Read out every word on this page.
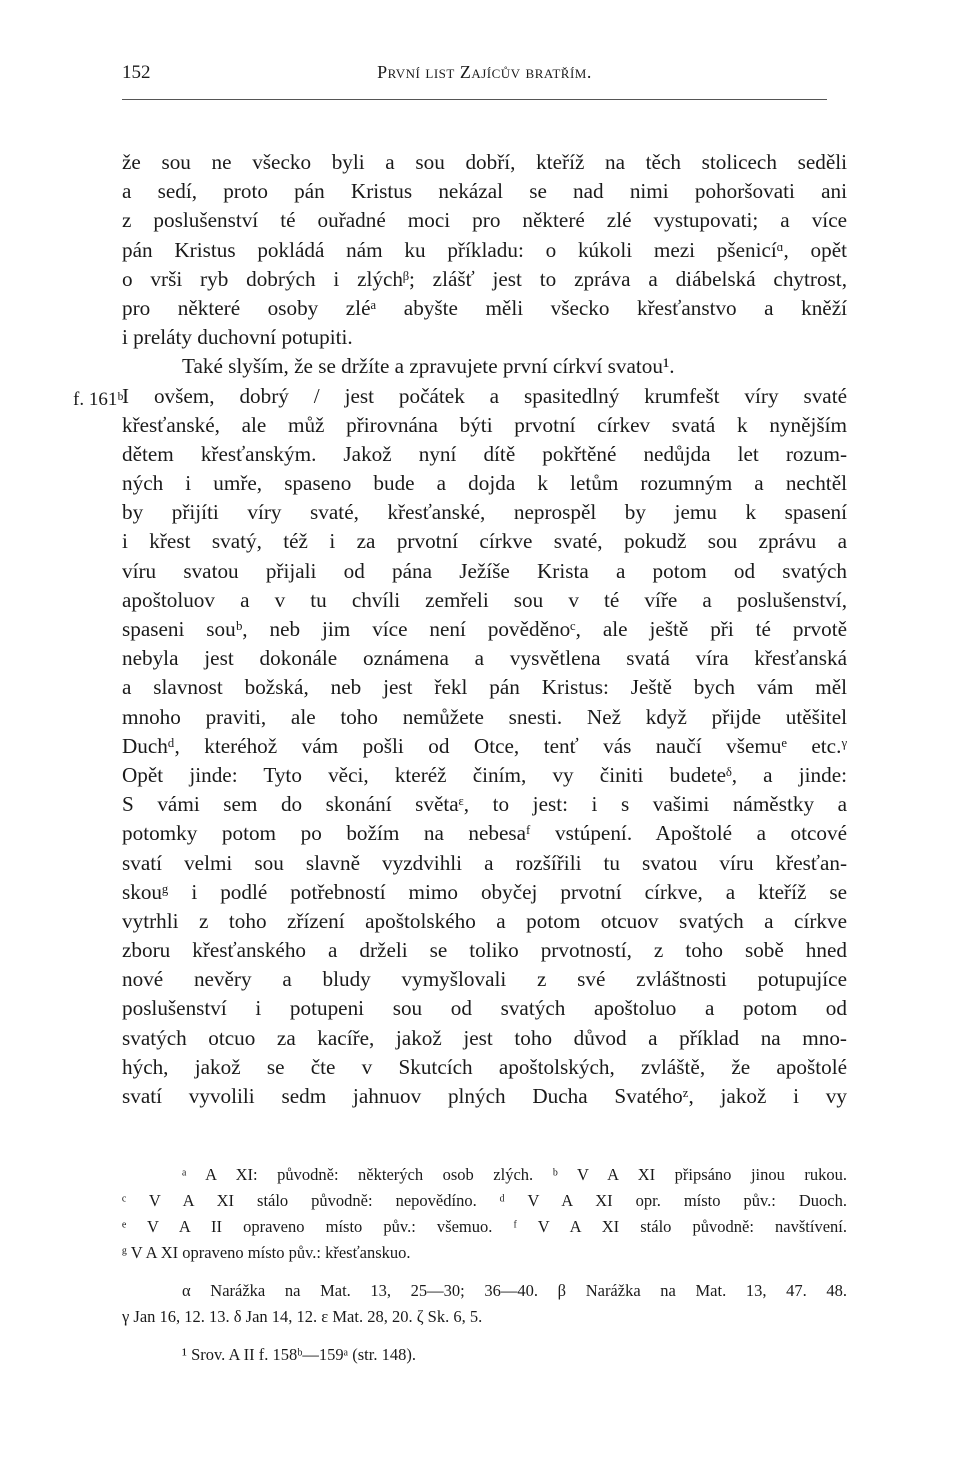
152	První list Zajícův bratřím.
f. 161ᵇ
že sou ne všecko byli a sou dobří, kteříž na těch stolicech seděli
a sedí, proto pán Kristus nekázal se nad nimi pohoršovati ani
z poslušenství té ouřadné moci pro některé zlé vystupovati; a více
pán Kristus pokládá nám ku příkladu: o kúkoli mezi pšenicíᵅ, opět
o vrši ryb dobrých i zlýchᵝ; zlášť jest to zpráva a diábelská chytrost,
pro některé osoby zléᵃ abyšte měli všecko křesťanstvo a kněží
i preláty duchovní potupiti.
Také slyším, že se držíte a zpravujete první církví svatou¹.
I ovšem, dobrý / jest počátek a spasitedlný krumfešt víry svaté
křesťanské, ale můž přirovnána býti prvotní církev svatá k nynějším
dětem křesťanským. Jakož nyní dítě pokřtěné nedůjda let rozum-
ných i umře, spaseno bude a dojda k letům rozumným a nechtěl
by přijíti víry svaté, křesťanské, neprospěl by jemu k spasení
i křest svatý, též i za prvotní církve svaté, pokudž sou zprávu a
víru svatou přijali od pána Ježíše Krista a potom od svatých
apoštoluov a v tu chvíli zemřeli sou v té víře a poslušenství,
spaseni souᵇ, neb jim více není pověděnoᶜ, ale ještě při té prvotě
nebyla jest dokonále oznámena a vysvětlena svatá víra křesťanská
a slavnost božská, neb jest řekl pán Kristus: Ještě bych vám měl
mnoho praviti, ale toho nemůžete snesti. Než když přijde utěšitel
Duchᵈ, kteréhož vám pošli od Otce, tenť vás naučí všemuᵉ etc.ᵞ
Opět jinde: Tyto věci, kteréž činím, vy činiti budeteᵟ, a jinde:
S vámi sem do skonání světaᵋ, to jest: i s vašimi náměstky a
potomky potom po božím na nebesaᶠ vstúpení. Apoštolé a otcové
svatí velmi sou slavně vyzdvihli a rozšířili tu svatou víru křesťan-
skouᵍ i podlé potřebností mimo obyčej prvotní církve, a kteříž se
vytrhli z toho zřízení apoštolského a potom otcuov svatých a církve
zboru křesťanského a drželi se toliko prvotností, z toho sobě hned
nové nevěry a bludy vymyšlovali z své zvláštnosti potupujíce
poslušenství i potupeni sou od svatých apoštoluo a potom od
svatých otcuo za kacíře, jakož jest toho důvod a příklad na mno-
hých, jakož se čte v Skutcích apoštolských, zvláště, že apoštolé
svatí vyvolili sedm jahnuov plných Ducha Svatéhoᶻ, jakož i vy
ᵃ A XI: původně: některých osob zlých. ᵇ V A XI připsáno jinou rukou.
ᶜ V A XI stálo původně: nepovědíno. ᵈ V A XI opr. místo pův.: Duoch.
ᵉ V A II opraveno místo pův.: všemuo. ᶠ V A XI stálo původně: navštívení.
ᵍ V A XI opraveno místo pův.: křesťanskuo.
α Narážka na Mat. 13, 25—30; 36—40. β Narážka na Mat. 13, 47. 48.
γ Jan 16, 12. 13. δ Jan 14, 12. ε Mat. 28, 20. ζ Sk. 6, 5.
¹ Srov. A II f. 158ᵇ—159ᵃ (str. 148).
